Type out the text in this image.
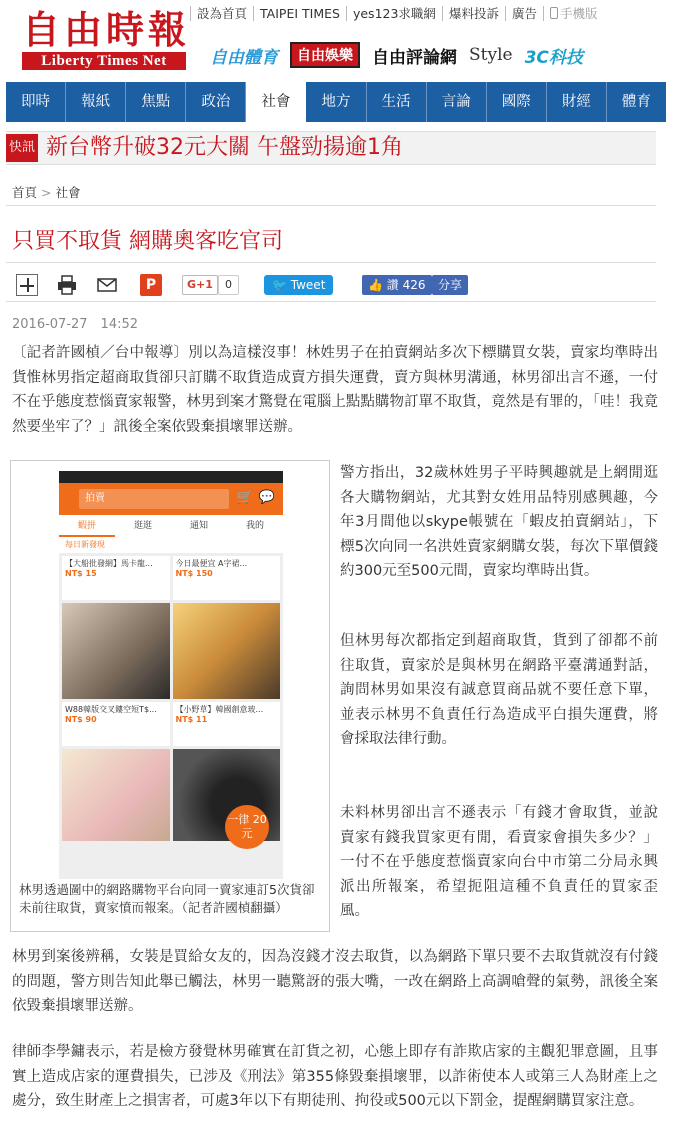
自由時報
Liberty Times Net
設為首頁 TAIPEI TIMES yes123求職網 爆料投訴 廣告 手機版
自由體育 自由娛樂 自由評論網 Style 3C科技
即時	報紙	焦點	政治	社會	地方	生活	言論	國際	財經	體育
快訊 新台幣升破32元大關 午盤勁揚逾1角
首頁 > 社會
只買不取貨 網購奧客吃官司
P	G+1	0	🐦 Tweet	👍 讚 426	分享
2016-07-27　14:52

〔記者許國楨／台中報導〕別以為這樣沒事！林姓男子在拍賣網站多次下標購買女裝，賣家均準時出貨惟林男指定超商取貨卻只訂購不取貨造成賣方損失運費，賣方與林男溝通，林男卻出言不遜，一付不在乎態度惹惱賣家報警，林男到案才驚覺在電腦上點點購物訂單不取貨，竟然是有罪的，「哇！我竟然要坐牢了？」訊後全案依毀棄損壞罪送辦。

拍賣	🛒 💬
蝦拼	逛逛	通知	我的
每日新發現
【大船批發網】馬卡龍...
NT$ 15
今日最便宜 A字裙...
NT$ 150
W88韓版交叉鏤空短T$...
NT$ 90
【小野草】韓國創意玻...
NT$ 11
一律 20元
林男透過圖中的網路購物平台向同一賣家連訂5次貨卻未前往取貨，賣家憤而報案。（記者許國楨翻攝）

警方指出，32歲林姓男子平時興趣就是上網閒逛各大購物網站，尤其對女姓用品特別感興趣，今年3月間他以skype帳號在「蝦皮拍賣網站」，下標5次向同一名洪姓賣家網購女裝，每次下單價錢約300元至500元間，賣家均準時出貨。

但林男每次都指定到超商取貨，貨到了卻都不前往取貨，賣家於是與林男在網路平臺溝通對話，詢問林男如果沒有誠意買商品就不要任意下單，並表示林男不負責任行為造成平白損失運費，將會採取法律行動。

未料林男卻出言不遜表示「有錢才會取貨，並說賣家有錢我買家更有閒，看賣家會損失多少？」一付不在乎態度惹惱賣家向台中市第二分局永興派出所報案，希望扼阻這種不負責任的買家歪風。

林男到案後辨稱，女裝是買給女友的，因為沒錢才沒去取貨，以為網路下單只要不去取貨就沒有付錢的問題，警方則告知此舉已觸法，林男一聽驚訝的張大嘴，一改在網路上高調嗆聲的氣勢，訊後全案依毀棄損壞罪送辦。

律師李學鏞表示，若是檢方發覺林男確實在訂貨之初，心態上即存有詐欺店家的主觀犯罪意圖，且事實上造成店家的運費損失，已涉及《刑法》第355條毀棄損壞罪，以詐術使本人或第三人為財產上之處分，致生財產上之損害者，可處3年以下有期徒刑、拘役或500元以下罰金，提醒網購買家注意。
